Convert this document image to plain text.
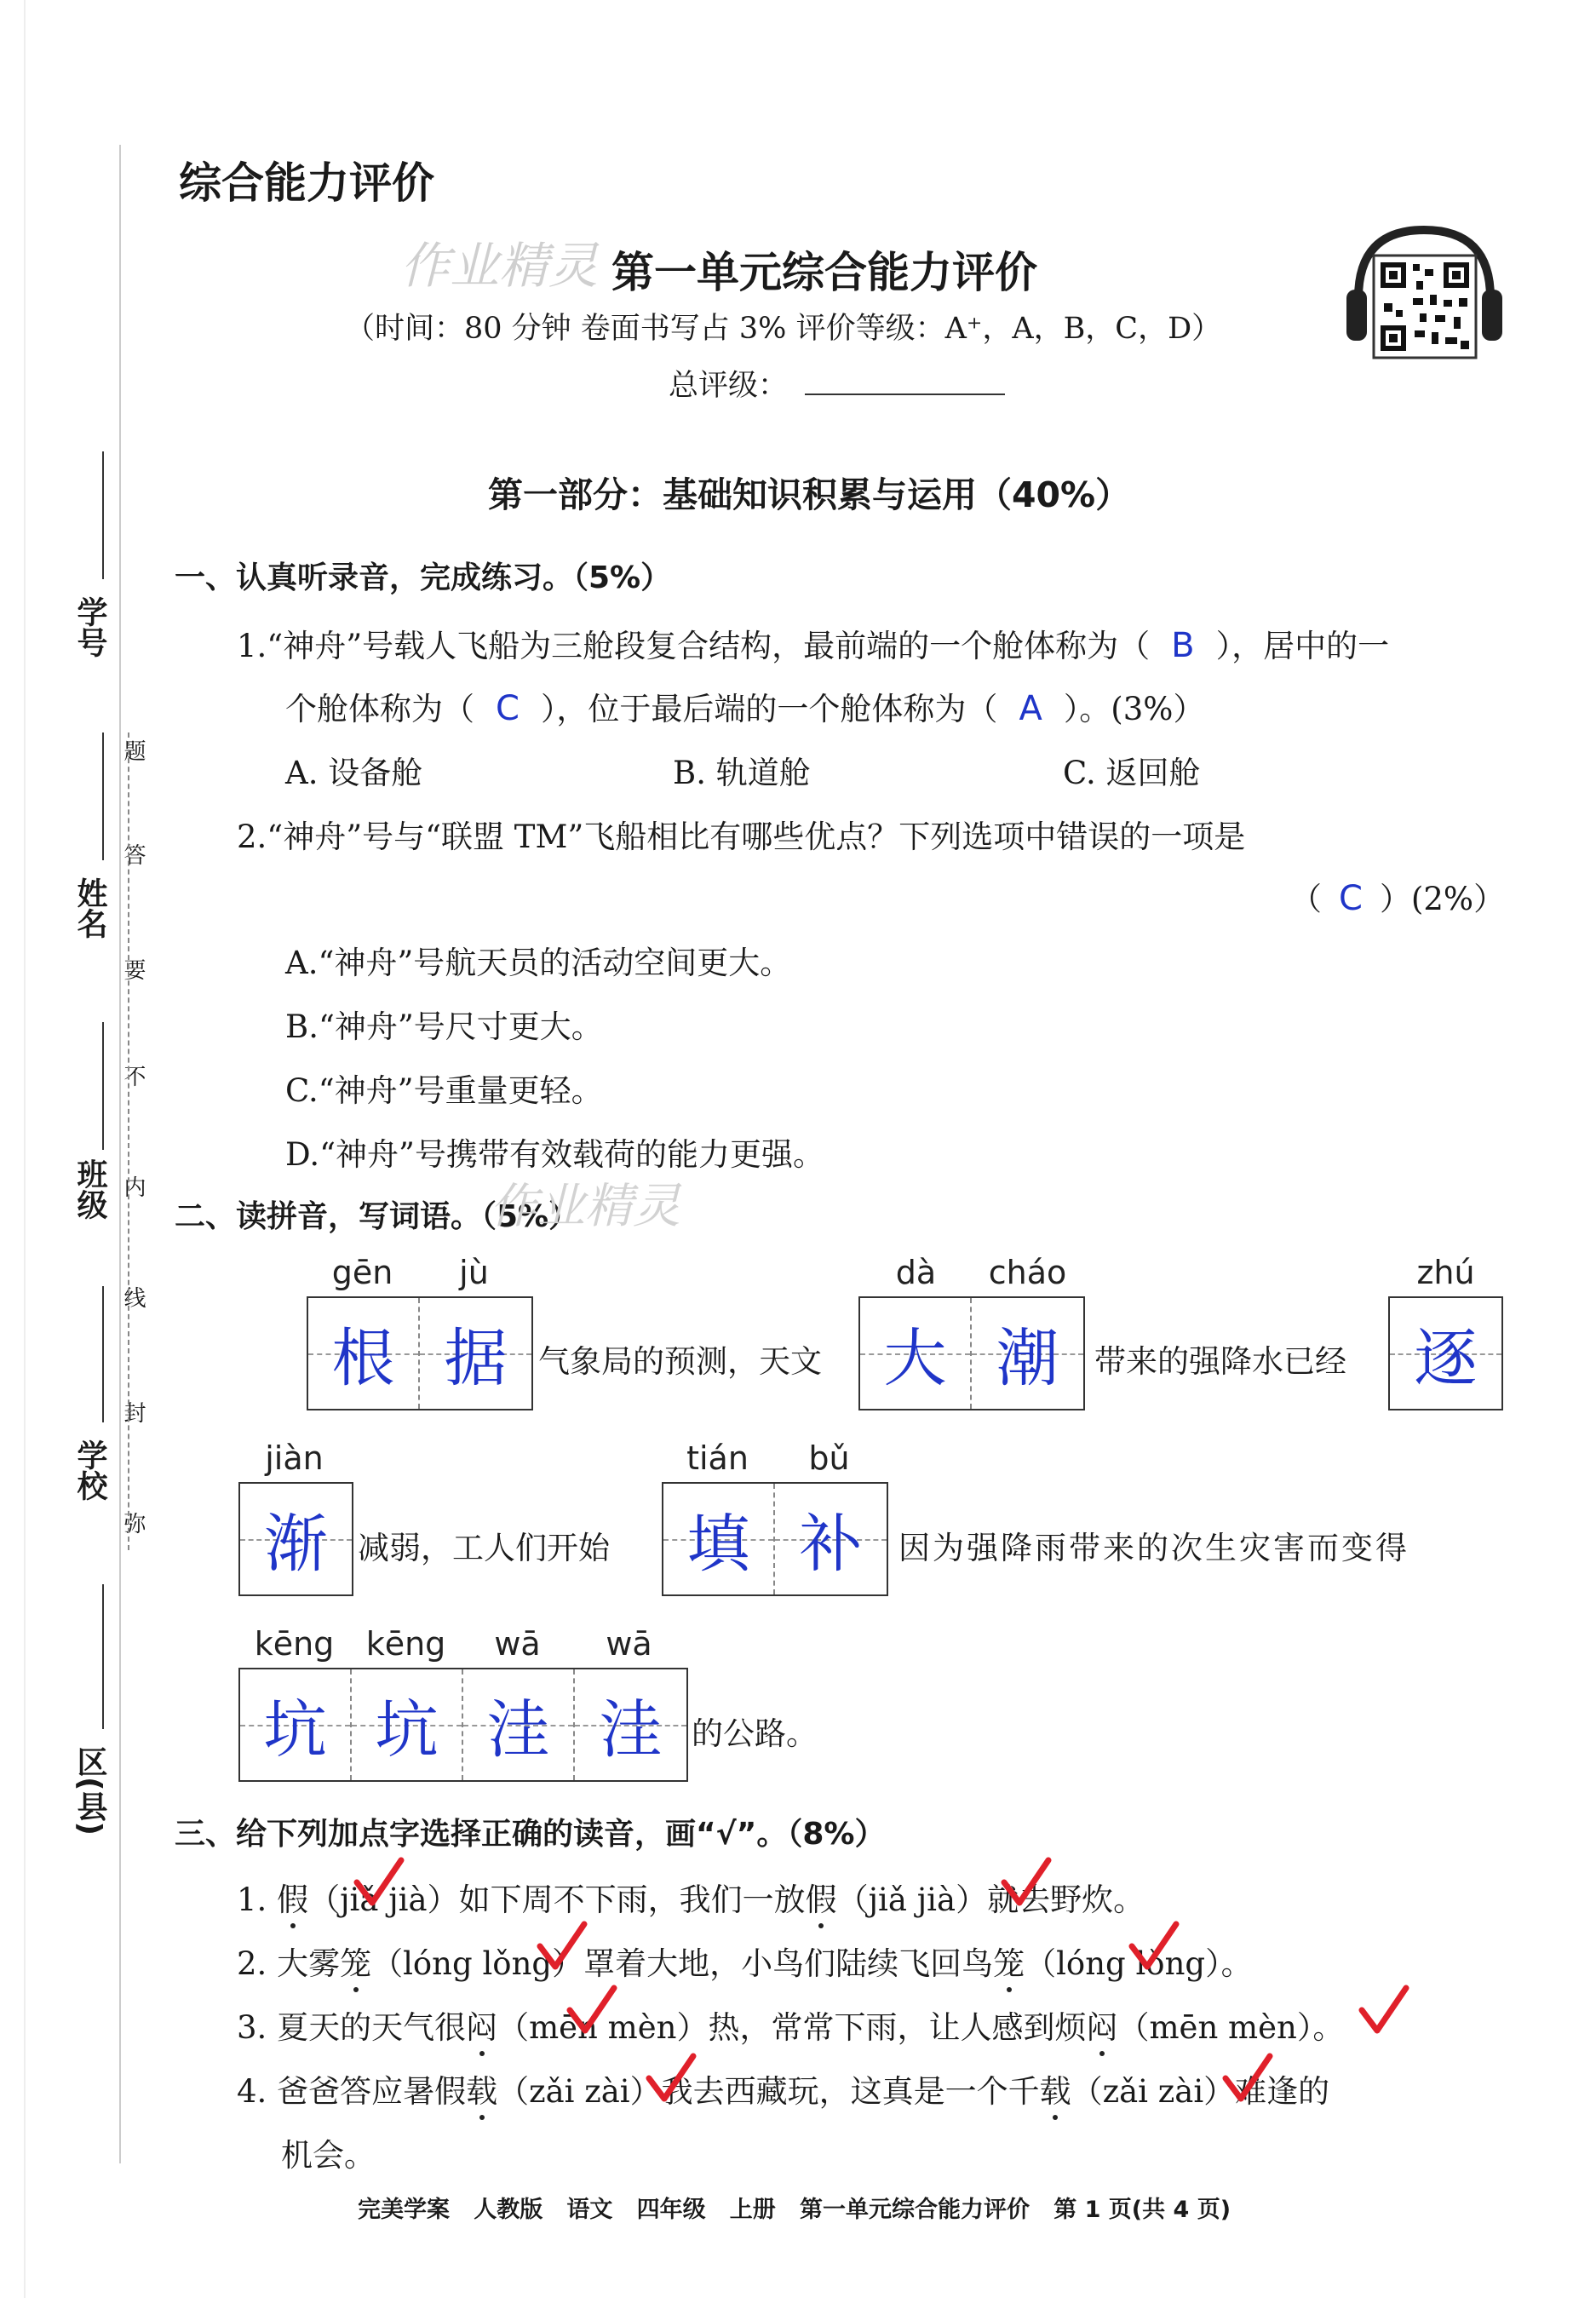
学号
姓名
班级
学校
区(县)
题
答
要
不
内
线
封
弥
综合能力评价
作业精灵 第一单元综合能力评价
（时间：80 分钟 卷面书写占 3% 评价等级：A⁺，A，B，C，D）
总评级：
第一部分：基础知识积累与运用（40%）
一、认真听录音，完成练习。（5%）
1.“神舟”号载人飞船为三舱段复合结构，最前端的一个舱体称为（ B ），居中的一
个舱体称为（ C ），位于最后端的一个舱体称为（ A ）。(3%）
A. 设备舱	B. 轨道舱	C. 返回舱
2.“神舟”号与“联盟 TM”飞船相比有哪些优点？下列选项中错误的一项是
（ C ）(2%）
A.“神舟”号航天员的活动空间更大。
B.“神舟”号尺寸更大。
C.“神舟”号重量更轻。
D.“神舟”号携带有效载荷的能力更强。
二、读拼音，写词语。（5%）
作业精灵
gēn	jù
根 据 气象局的预测，天文
dà	cháo
大 潮	带来的强降水已经
zhú
逐
jiàn
渐 减弱，工人们开始
tián	bǔ
填 补	因为强降雨带来的次生灾害而变得
kēng kēng	wā	wā
坑 坑 洼 洼 的公路。
三、给下列加点字选择正确的读音，画“√”。（8%）
1. 假（jiǎ jià）如下周不下雨，我们一放假（jiǎ jià）就去野炊。
2. 大雾笼（lóng lǒng）罩着大地，小鸟们陆续飞回鸟笼（lóng lǒng）。
3. 夏天的天气很闷（mēn mèn）热，常常下雨，让人感到烦闷（mēn mèn）。
4. 爸爸答应暑假载（zǎi zài）我去西藏玩，这真是一个千载（zǎi zài）难逢的
机会。
完美学案   人教版   语文   四年级   上册   第一单元综合能力评价   第 1 页(共 4 页)
